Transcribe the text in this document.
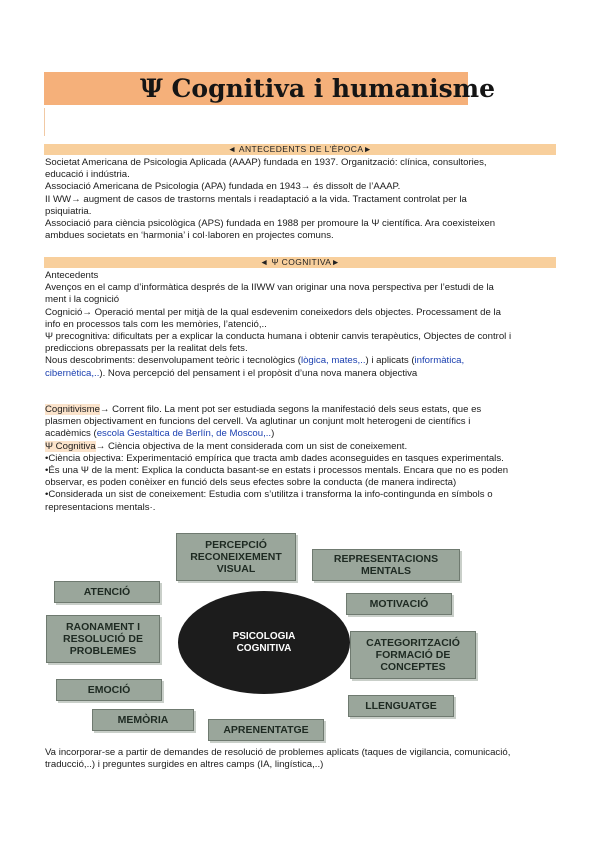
Ψ Cognitiva i humanisme
◄ ANTECEDENTS DE L’ÈPOCA►
Societat Americana de Psicologia Aplicada (AAAP) fundada en 1937. Organització: clínica, consultories,
educació i indústria.
Associació Americana de Psicologia (APA) fundada en 1943→ és dissolt de l’AAAP.
II WW→ augment de casos de trastorns mentals i readaptació a la vida. Tractament controlat per la
psiquiatria.
Associació para ciència psicològica (APS) fundada en 1988 per promoure la Ψ científica. Ara coexisteixen
ambdues societats en ‘harmonia’ i col·laboren en projectes comuns.
◄ Ψ COGNITIVA►
Antecedents
Avenços en el camp d’informàtica després de la IIWW van originar una nova perspectiva per l’estudi de la
ment i la cognició
Cognició→ Operació mental per mitjà de la qual esdevenim coneixedors dels objectes. Processament de la
info en processos tals com les memòries, l’atenció,..
Ψ precognitiva: dificultats per a explicar la conducta humana i obtenir canvis terapèutics, Objectes de control i
prediccions obrepassats per la realitat dels fets.
Nous descobriments: desenvolupament teòric i tecnològics (lògica, mates,..) i aplicats (informàtica,
cibernètica,..). Nova percepció del pensament i el propòsit d’una nova manera objectiva
Cognitivisme→ Corrent filo. La ment pot ser estudiada segons la manifestació dels seus estats, que es
plasmen objectivament en funcions del cervell. Va aglutinar un conjunt molt heterogeni de científics i
acadèmics (escola Gestaltica de Berlín, de Moscou,..)
Ψ Cognitiva→ Ciència objectiva de la ment considerada com un sist de coneixement.
•Ciència objectiva: Experimentació empírica que tracta amb dades aconseguides en tasques experimentals.
•És una Ψ de la ment: Explica la conducta basant-se en estats i processos mentals. Encara que no es poden
observar, es poden conèixer en funció dels seus efectes sobre la conducta (de manera indirecta)
•Considerada un sist de coneixement: Estudia com s’utilitza i transforma la info-contingunda en símbols o
representacions mentals·.
PERCEPCIÓ
RECONEIXEMENT
VISUAL
REPRESENTACIONS
MENTALS
ATENCIÓ
MOTIVACIÓ
RAONAMENT I
RESOLUCIÓ DE
PROBLEMES
PSICOLOGIA
COGNITIVA	CATEGORITZACIÓ
FORMACIÓ DE
CONCEPTES
EMOCIÓ
LLENGUATGE
MEMÒRIA
APRENENTATGE
Va incorporar-se a partir de demandes de resolució de problemes aplicats (taques de vigilancia, comunicació,
traducció,..) i preguntes surgides en altres camps (IA, lingística,..)
